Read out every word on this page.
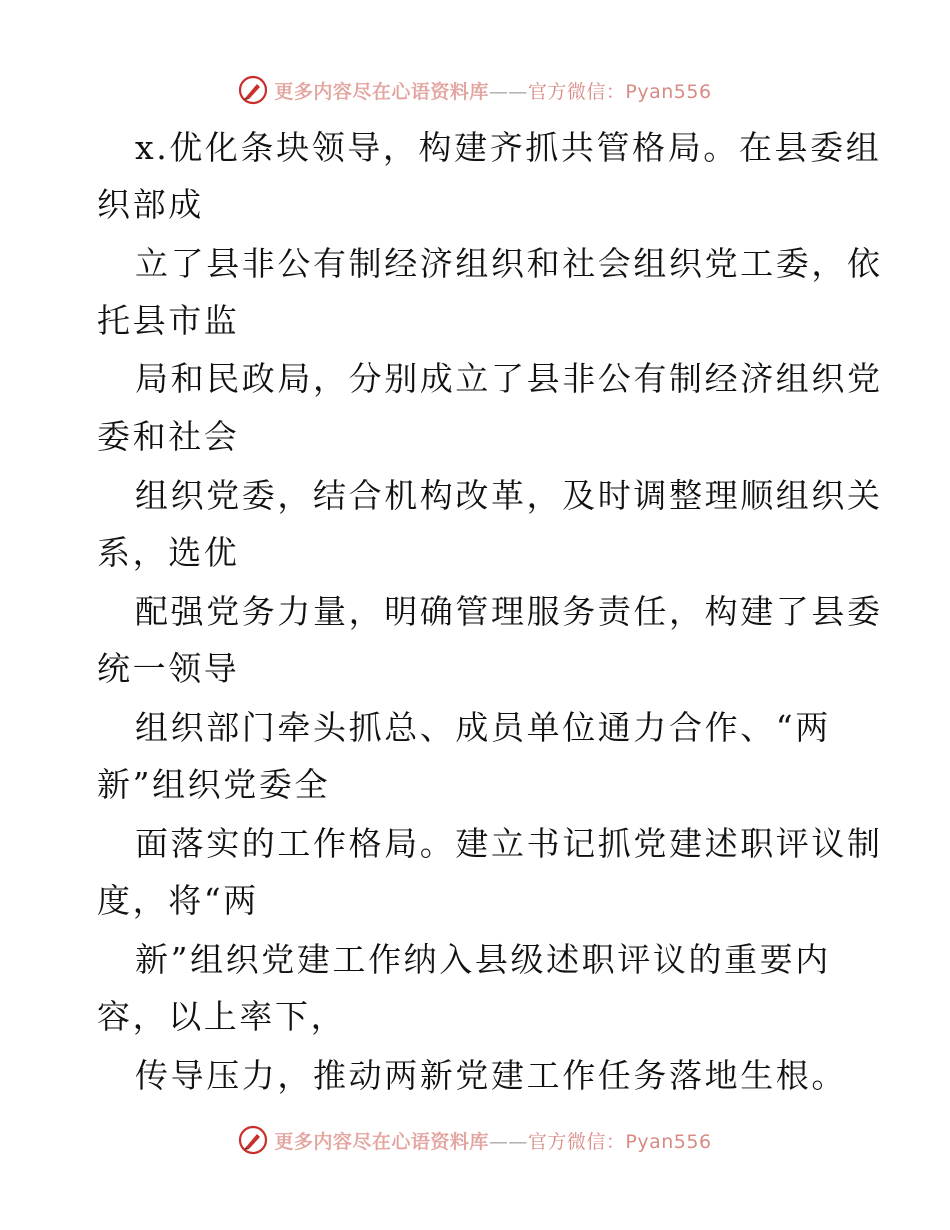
更多内容尽在心语资料库——官方微信：Pyan556
x.优化条块领导，构建齐抓共管格局。在县委组
织部成
立了县非公有制经济组织和社会组织党工委，依
托县市监
局和民政局，分别成立了县非公有制经济组织党
委和社会
组织党委，结合机构改革，及时调整理顺组织关
系，选优
配强党务力量，明确管理服务责任，构建了县委
统一领导
组织部门牵头抓总、成员单位通力合作、“两
新”组织党委全
面落实的工作格局。建立书记抓党建述职评议制
度，将“两
新”组织党建工作纳入县级述职评议的重要内
容，以上率下，
传导压力，推动两新党建工作任务落地生根。
更多内容尽在心语资料库——官方微信：Pyan556
